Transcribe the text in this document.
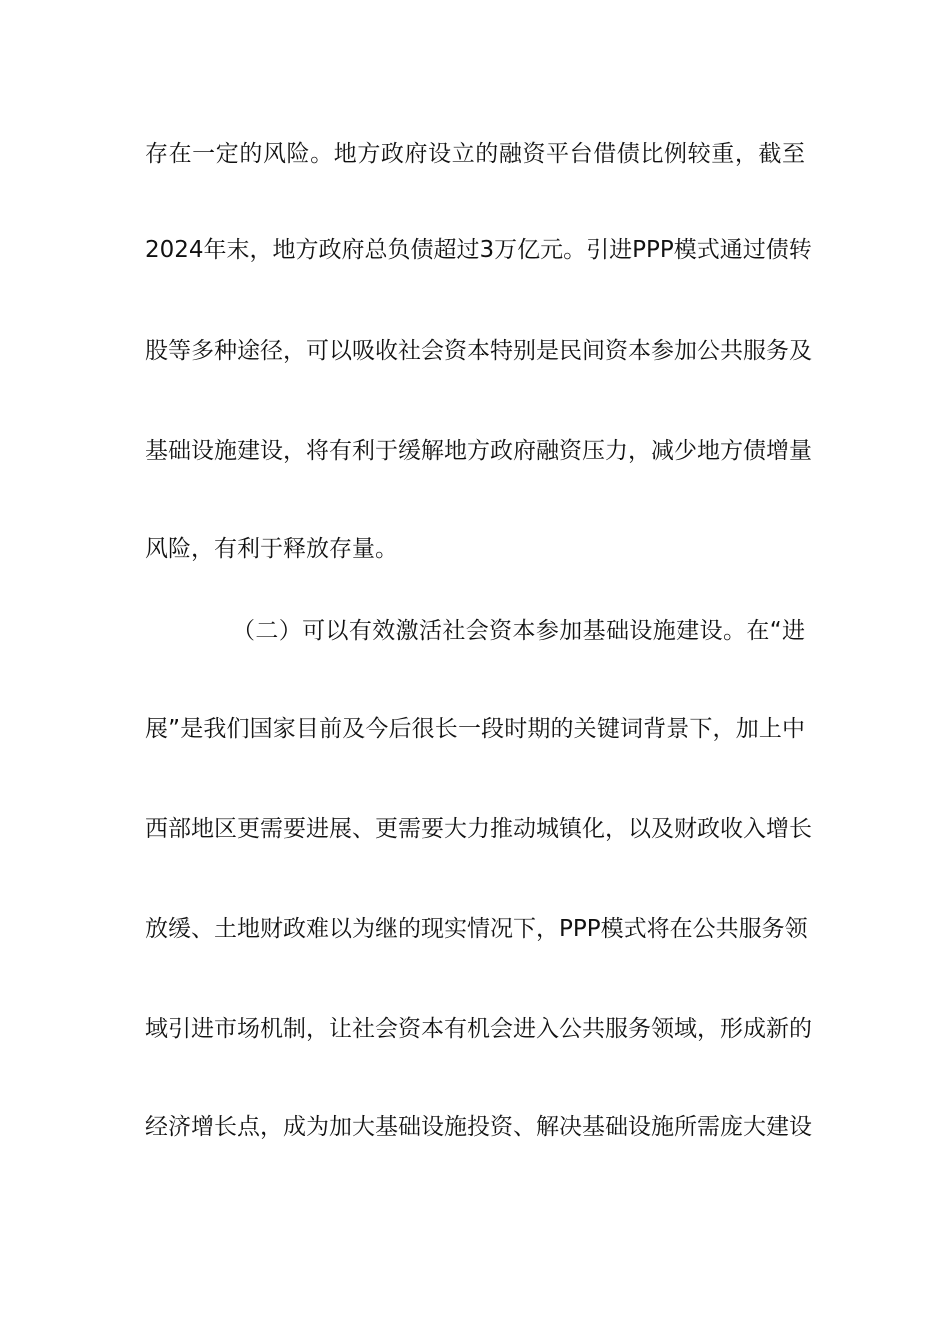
存在一定的风险。地方政府设立的融资平台借债比例较重，截至
2024年末，地方政府总负债超过3万亿元。引进PPP模式通过债转
股等多种途径，可以吸收社会资本特别是民间资本参加公共服务及
基础设施建设，将有利于缓解地方政府融资压力，减少地方债增量
风险，有利于释放存量。
（二）可以有效激活社会资本参加基础设施建设。在“进
展”是我们国家目前及今后很长一段时期的关键词背景下，加上中
西部地区更需要进展、更需要大力推动城镇化，以及财政收入增长
放缓、土地财政难以为继的现实情况下，PPP模式将在公共服务领
域引进市场机制，让社会资本有机会进入公共服务领域，形成新的
经济增长点，成为加大基础设施投资、解决基础设施所需庞大建设
